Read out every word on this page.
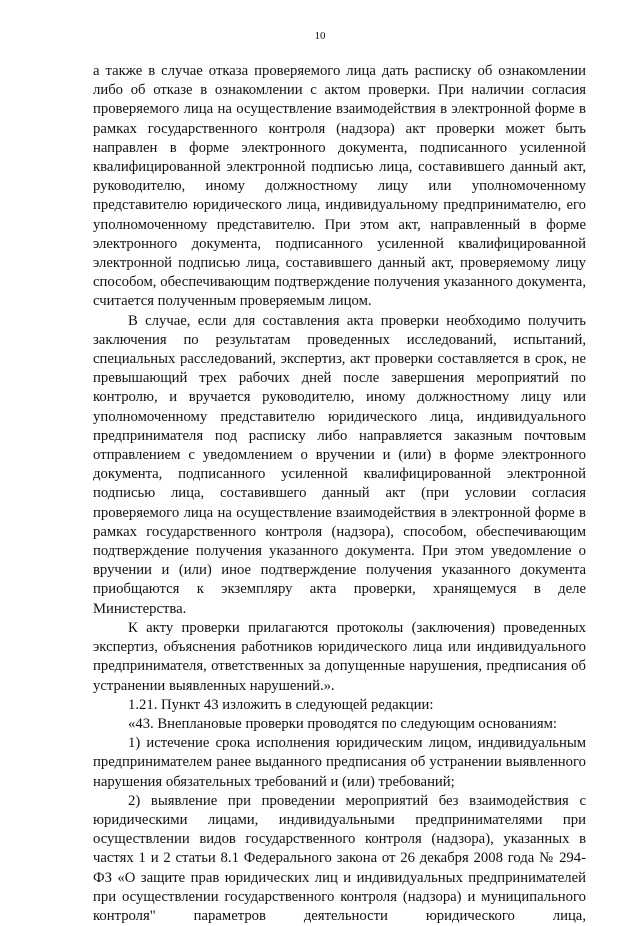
10

а также в случае отказа проверяемого лица дать расписку об ознакомлении либо об отказе в ознакомлении с актом проверки. При наличии согласия проверяемого лица на осуществление взаимодействия в электронной форме в рамках государственного контроля (надзора) акт проверки может быть направлен в форме электронного документа, подписанного усиленной квалифицированной электронной подписью лица, составившего данный акт, руководителю, иному должностному лицу или уполномоченному представителю юридического лица, индивидуальному предпринимателю, его уполномоченному представителю. При этом акт, направленный в форме электронного документа, подписанного усиленной квалифицированной электронной подписью лица, составившего данный акт, проверяемому лицу способом, обеспечивающим подтверждение получения указанного документа, считается полученным проверяемым лицом.

В случае, если для составления акта проверки необходимо получить заключения по результатам проведенных исследований, испытаний, специальных расследований, экспертиз, акт проверки составляется в срок, не превышающий трех рабочих дней после завершения мероприятий по контролю, и вручается руководителю, иному должностному лицу или уполномоченному представителю юридического лица, индивидуального предпринимателя под расписку либо направляется заказным почтовым отправлением с уведомлением о вручении и (или) в форме электронного документа, подписанного усиленной квалифицированной электронной подписью лица, составившего данный акт (при условии согласия проверяемого лица на осуществление взаимодействия в электронной форме в рамках государственного контроля (надзора), способом, обеспечивающим подтверждение получения указанного документа. При этом уведомление о вручении и (или) иное подтверждение получения указанного документа приобщаются к экземпляру акта проверки, хранящемуся в деле Министерства.

К акту проверки прилагаются протоколы (заключения) проведенных экспертиз, объяснения работников юридического лица или индивидуального предпринимателя, ответственных за допущенные нарушения, предписания об устранении выявленных нарушений.».

1.21. Пункт 43 изложить в следующей редакции:

«43. Внеплановые проверки проводятся по следующим основаниям:

1) истечение срока исполнения юридическим лицом, индивидуальным предпринимателем ранее выданного предписания об устранении выявленного нарушения обязательных требований и (или) требований;

2) выявление при проведении мероприятий без взаимодействия с юридическими лицами, индивидуальными предпринимателями при осуществлении видов государственного контроля (надзора), указанных в частях 1 и 2 статьи 8.1 Федерального закона от 26 декабря 2008 года № 294-ФЗ «О защите прав юридических лиц и индивидуальных предпринимателей при осуществлении государственного контроля (надзора) и муниципального контроля" параметров деятельности юридического лица,
